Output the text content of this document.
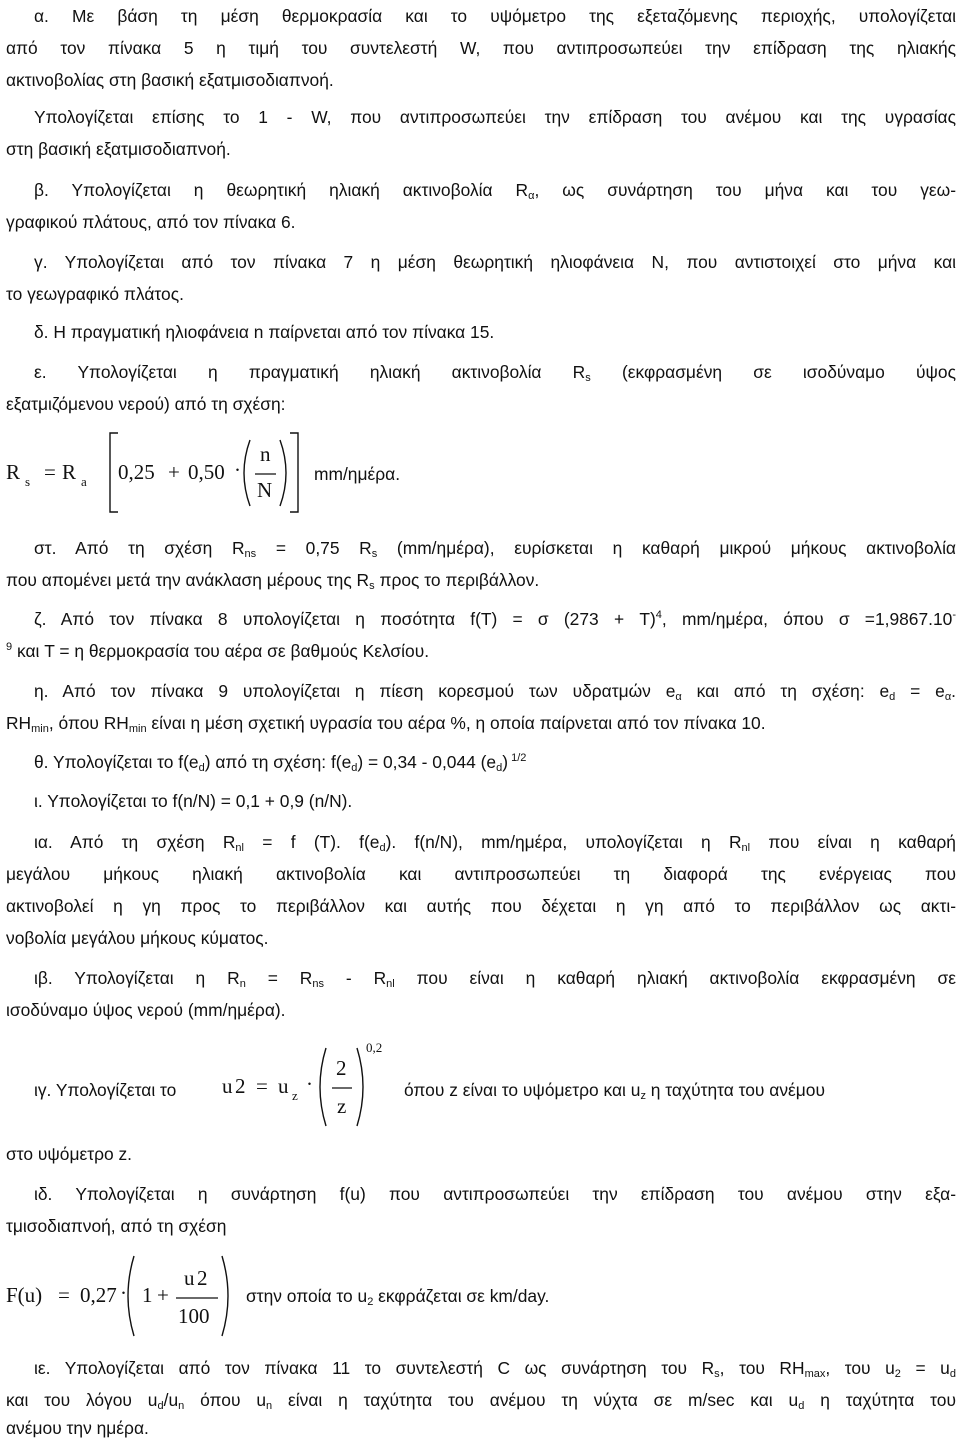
α. Με βάση τη μέση θερμοκρασία και το υψόμετρο της εξεταζόμενης περιοχής, υπολογίζεται

από τον πίνακα 5 η τιμή του συντελεστή W, που αντιπροσωπεύει την επίδραση της ηλιακής

ακτινοβολίας στη βασική εξατμισοδιαπνοή.

Υπολογίζεται επίσης το 1 - W, που αντιπροσωπεύει την επίδραση του ανέμου και της υγρασίας

στη βασική εξατμισοδιαπνοή.

β. Υπολογίζεται η θεωρητική ηλιακή ακτινοβολία $R_\alpha$, ως συνάρτηση του μήνα και του γεω-

γραφικού πλάτους, από τον πίνακα 6.

γ. Υπολογίζεται από τον πίνακα 7 η μέση θεωρητική ηλιοφάνεια N, που αντιστοιχεί στο μήνα και

το γεωγραφικό πλάτος.

δ. Η πραγματική ηλιοφάνεια n παίρνεται από τον πίνακα 15.

ε. Υπολογίζεται η πραγματική ηλιακή ακτινοβολία $R_s$ (εκφρασμένη σε ισοδύναμο ύψος

εξατμιζόμενου νερού) από τη σχέση:

R s = R a 0,25 + 0,50 ·
n
N
mm/ημέρα.

στ. Από τη σχέση $R_{ns} = 0,75$ $R_s$ (mm/ημέρα), ευρίσκεται η καθαρή μικρού μήκους ακτινοβολία

που απομένει μετά την ανάκλαση μέρους της $R_s$ προς το περιβάλλον.

ζ. Από τον πίνακα 8 υπολογίζεται η ποσότητα f(T) = σ $(273 + T)^4$, mm/ημέρα, όπου σ =1,9867.10-

$^9$ και T = η θερμοκρασία του αέρα σε βαθμούς Κελσίου.

η. Από τον πίνακα 9 υπολογίζεται η πίεση κορεσμού των υδρατμών $e_\alpha$ και από τη σχέση: $e_d = e_\alpha$.

$RH_{min}$, όπου $RH_{min}$ είναι η μέση σχετική υγρασία του αέρα %, η οποία παίρνεται από τον πίνακα 10.

θ. Υπολογίζεται το $f(e_d)$ από τη σχέση: $f(e_d) = 0,34 - 0,044$ $(e_d)$ $^{1/2}$

ι. Υπολογίζεται το f(n/N) = 0,1 + 0,9 (n/N).

ια. Από τη σχέση $R_{nl} = f$ (T). $f(e_d)$. f(n/N), mm/ημέρα, υπολογίζεται η $R_{nl}$ που είναι η καθαρή

μεγάλου μήκους ηλιακή ακτινοβολία και αντιπροσωπεύει τη διαφορά της ενέργειας που

ακτινοβολεί η γη προς το περιβάλλον και αυτής που δέχεται η γη από το περιβάλλον ως ακτι-

νοβολία μεγάλου μήκους κύματος.

ιβ. Υπολογίζεται η $R_n = R_{ns} - R_{nl}$ που είναι η καθαρή ηλιακή ακτινοβολία εκφρασμένη σε

ισοδύναμο ύψος νερού (mm/ημέρα).

ιγ. Υπολογίζεται το	u 2 = u z ·
2
z
0,2

όπου z είναι το υψόμετρο και $u_z$ η ταχύτητα του ανέμου

στο υψόμετρο z.

ιδ. Υπολογίζεται η συνάρτηση f(u) που αντιπροσωπεύει την επίδραση του ανέμου στην εξα-

τμισοδιαπνοή, από τη σχέση

F(u) = 0,27 · 1 +
u 2
100

στην οποία το $u_2$ εκφράζεται σε km/day.

ιε. Υπολογίζεται από τον πίνακα 11 το συντελεστή C ως συνάρτηση του $R_s$, του $RH_{max}$, του $u_2 = u_d$

και του λόγου $u_d/u_n$ όπου $u_n$ είναι η ταχύτητα του ανέμου τη νύχτα σε m/sec και $u_d$ η ταχύτητα του

ανέμου την ημέρα.
